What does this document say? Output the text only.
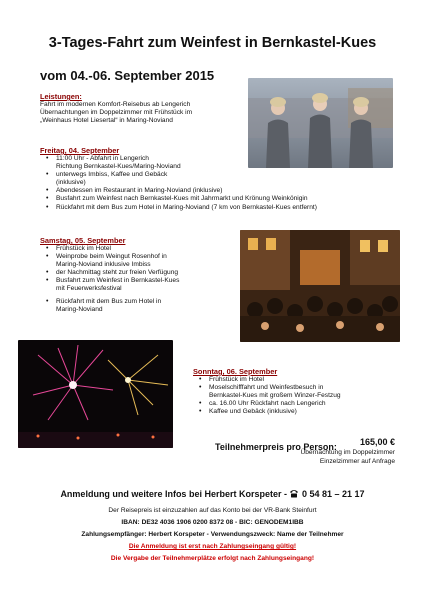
3-Tages-Fahrt zum Weinfest in Bernkastel-Kues
vom 04.-06. September 2015
Leistungen:
Fahrt im modernen Komfort-Reisebus ab Lengerich
Übernachtungen im Doppelzimmer mit Frühstück im
„Weinhaus Hotel Liesertal“ in Maring-Noviand
Freitag, 04. September
• 11:00 Uhr - Abfahrt in Lengerich
Richtung Bernkastel-Kues/Maring-Noviand
• unterwegs Imbiss, Kaffee und Gebäck
(inklusive)
• Abendessen im Restaurant in Maring-Noviand (inklusive)
• Busfahrt zum Weinfest nach Bernkastel-Kues mit Jahrmarkt und Krönung Weinkönigin
• Rückfahrt mit dem Bus zum Hotel in Maring-Noviand (7 km von Bernkastel-Kues entfernt)
Samstag, 05. September
• Frühstück im Hotel
• Weinprobe beim Weingut Rosenhof in
Maring-Noviand inklusive Imbiss
• der Nachmittag steht zur freien Verfügung
• Busfahrt zum Weinfest in Bernkastel-Kues
mit Feuerwerksfestival
• Rückfahrt mit dem Bus zum Hotel in
Maring-Noviand
Sonntag, 06. September
• Frühstück im Hotel
• Moselschifffahrt und Weinfestbesuch in
Bernkastel-Kues mit großem Winzer-Festzug
• ca. 16.00 Uhr Rückfahrt nach Lengerich
• Kaffee und Gebäck (inklusive)
Teilnehmerpreis pro Person:	165,00 €
Übernachtung im Doppelzimmer
Einzelzimmer auf Anfrage
Anmeldung und weitere Infos bei Herbert Korspeter - 0 54 81 – 21 17
Der Reisepreis ist einzuzahlen auf das Konto bei der VR-Bank Steinfurt
IBAN: DE32 4036 1906 0200 8372 08 - BIC: GENODEM1IBB
Zahlungsempfänger: Herbert Korspeter - Verwendungszweck: Name der Teilnehmer
Die Anmeldung ist erst nach Zahlungseingang gültig!
Die Vergabe der Teilnehmerplätze erfolgt nach Zahlungseingang!
